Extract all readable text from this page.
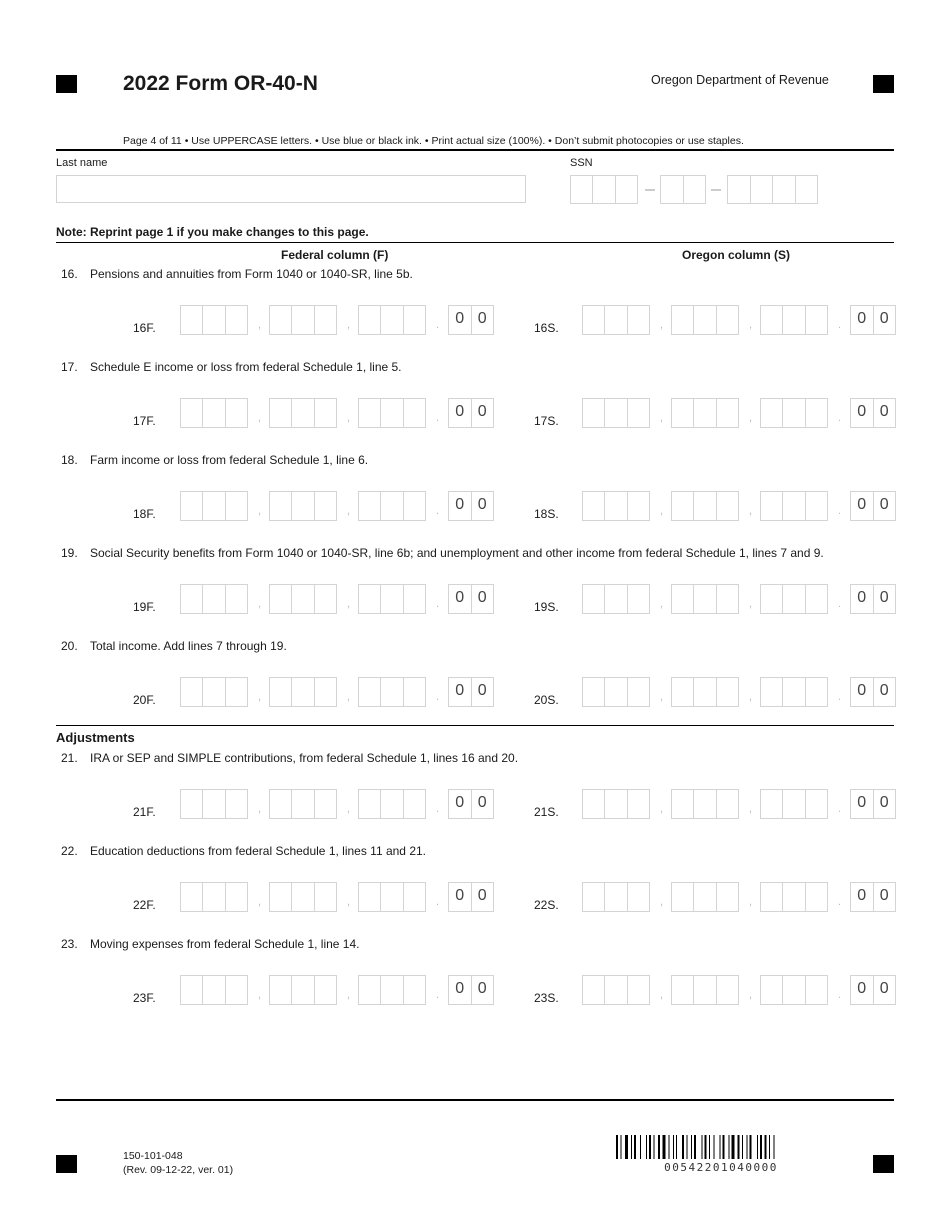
2022 Form OR-40-N	Oregon Department of Revenue
Page 4 of 11 • Use UPPERCASE letters. • Use blue or black ink. • Print actual size (100%). • Don’t submit photocopies or use staples.
Last name	SSN
Note: Reprint page 1 if you make changes to this page.
Federal column (F)	Oregon column (S)
16. Pensions and annuities from Form 1040 or 1040-SR, line 5b.
16F.	,	,	.	0 0
16S.	,	,	.	0 0
17. Schedule E income or loss from federal Schedule 1, line 5.
17F.	,	,	.	0 0
17S.	,	,	.	0 0
18. Farm income or loss from federal Schedule 1, line 6.
18F.	,	,	.	0 0
18S.	,	,	.	0 0
19. Social Security benefits from Form 1040 or 1040-SR, line 6b; and unemployment and other income from federal Schedule 1, lines 7 and 9.
19F.	,	,	.	0 0
19S.	,	,	.	0 0
20. Total income. Add lines 7 through 19.
20F.	,	,	.	0 0
20S.	,	,	.	0 0
21. IRA or SEP and SIMPLE contributions, from federal Schedule 1, lines 16 and 20.
21F.	,	,	.	0 0
21S.	,	,	.	0 0
22. Education deductions from federal Schedule 1, lines 11 and 21.
22F.	,	,	.	0 0
22S.	,	,	.	0 0
23. Moving expenses from federal Schedule 1, line 14.
23F.	,	,	.	0 0
23S.	,	,	.	0 0
Adjustments
150-101-048
(Rev. 09-12-22, ver. 01)	00542201040000
